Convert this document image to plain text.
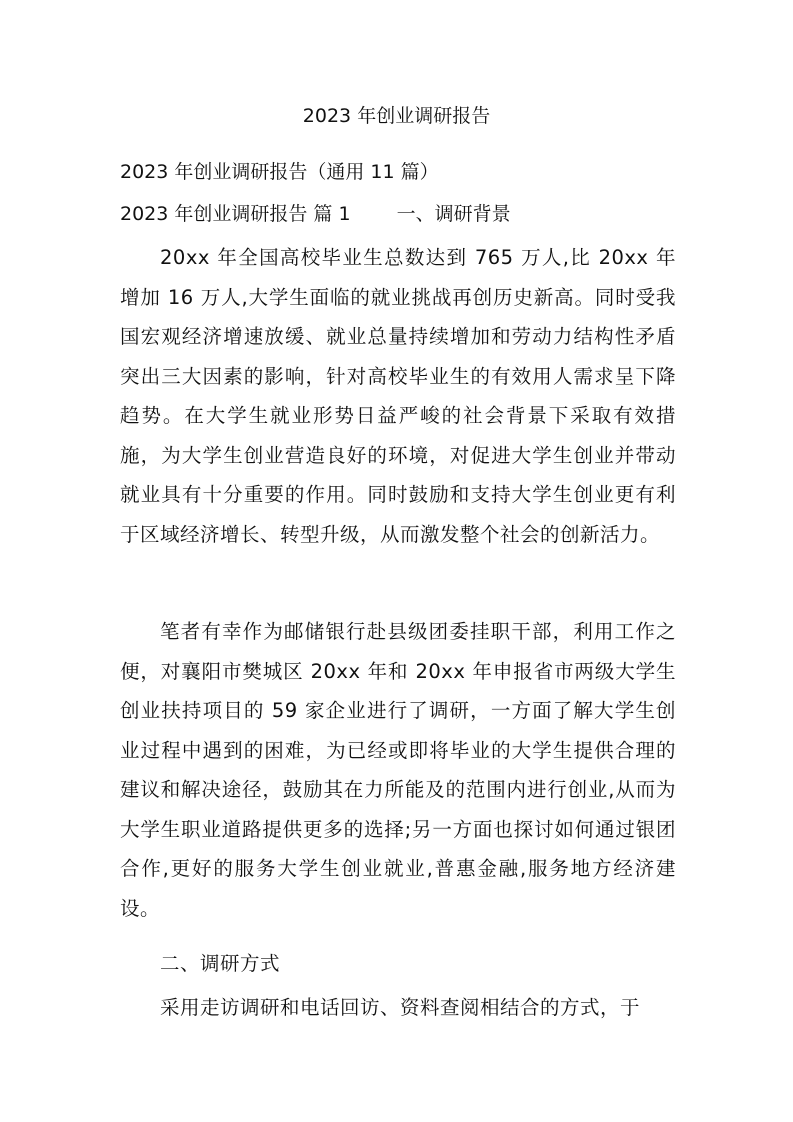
2023 年创业调研报告
2023 年创业调研报告（通用 11 篇）
2023 年创业调研报告 篇 1 一、调研背景
20xx 年全国高校毕业生总数达到 765 万人,比 20xx 年增加 16 万人,大学生面临的就业挑战再创历史新高。同时受我国宏观经济增速放缓、就业总量持续增加和劳动力结构性矛盾突出三大因素的影响，针对高校毕业生的有效用人需求呈下降趋势。在大学生就业形势日益严峻的社会背景下采取有效措施，为大学生创业营造良好的环境，对促进大学生创业并带动就业具有十分重要的作用。同时鼓励和支持大学生创业更有利于区域经济增长、转型升级，从而激发整个社会的创新活力。
笔者有幸作为邮储银行赴县级团委挂职干部，利用工作之便，对襄阳市樊城区 20xx 年和 20xx 年申报省市两级大学生创业扶持项目的 59 家企业进行了调研，一方面了解大学生创业过程中遇到的困难，为已经或即将毕业的大学生提供合理的建议和解决途径，鼓励其在力所能及的范围内进行创业,从而为大学生职业道路提供更多的选择;另一方面也探讨如何通过银团合作,更好的服务大学生创业就业,普惠金融,服务地方经济建设。
二、调研方式
采用走访调研和电话回访、资料查阅相结合的方式，于
